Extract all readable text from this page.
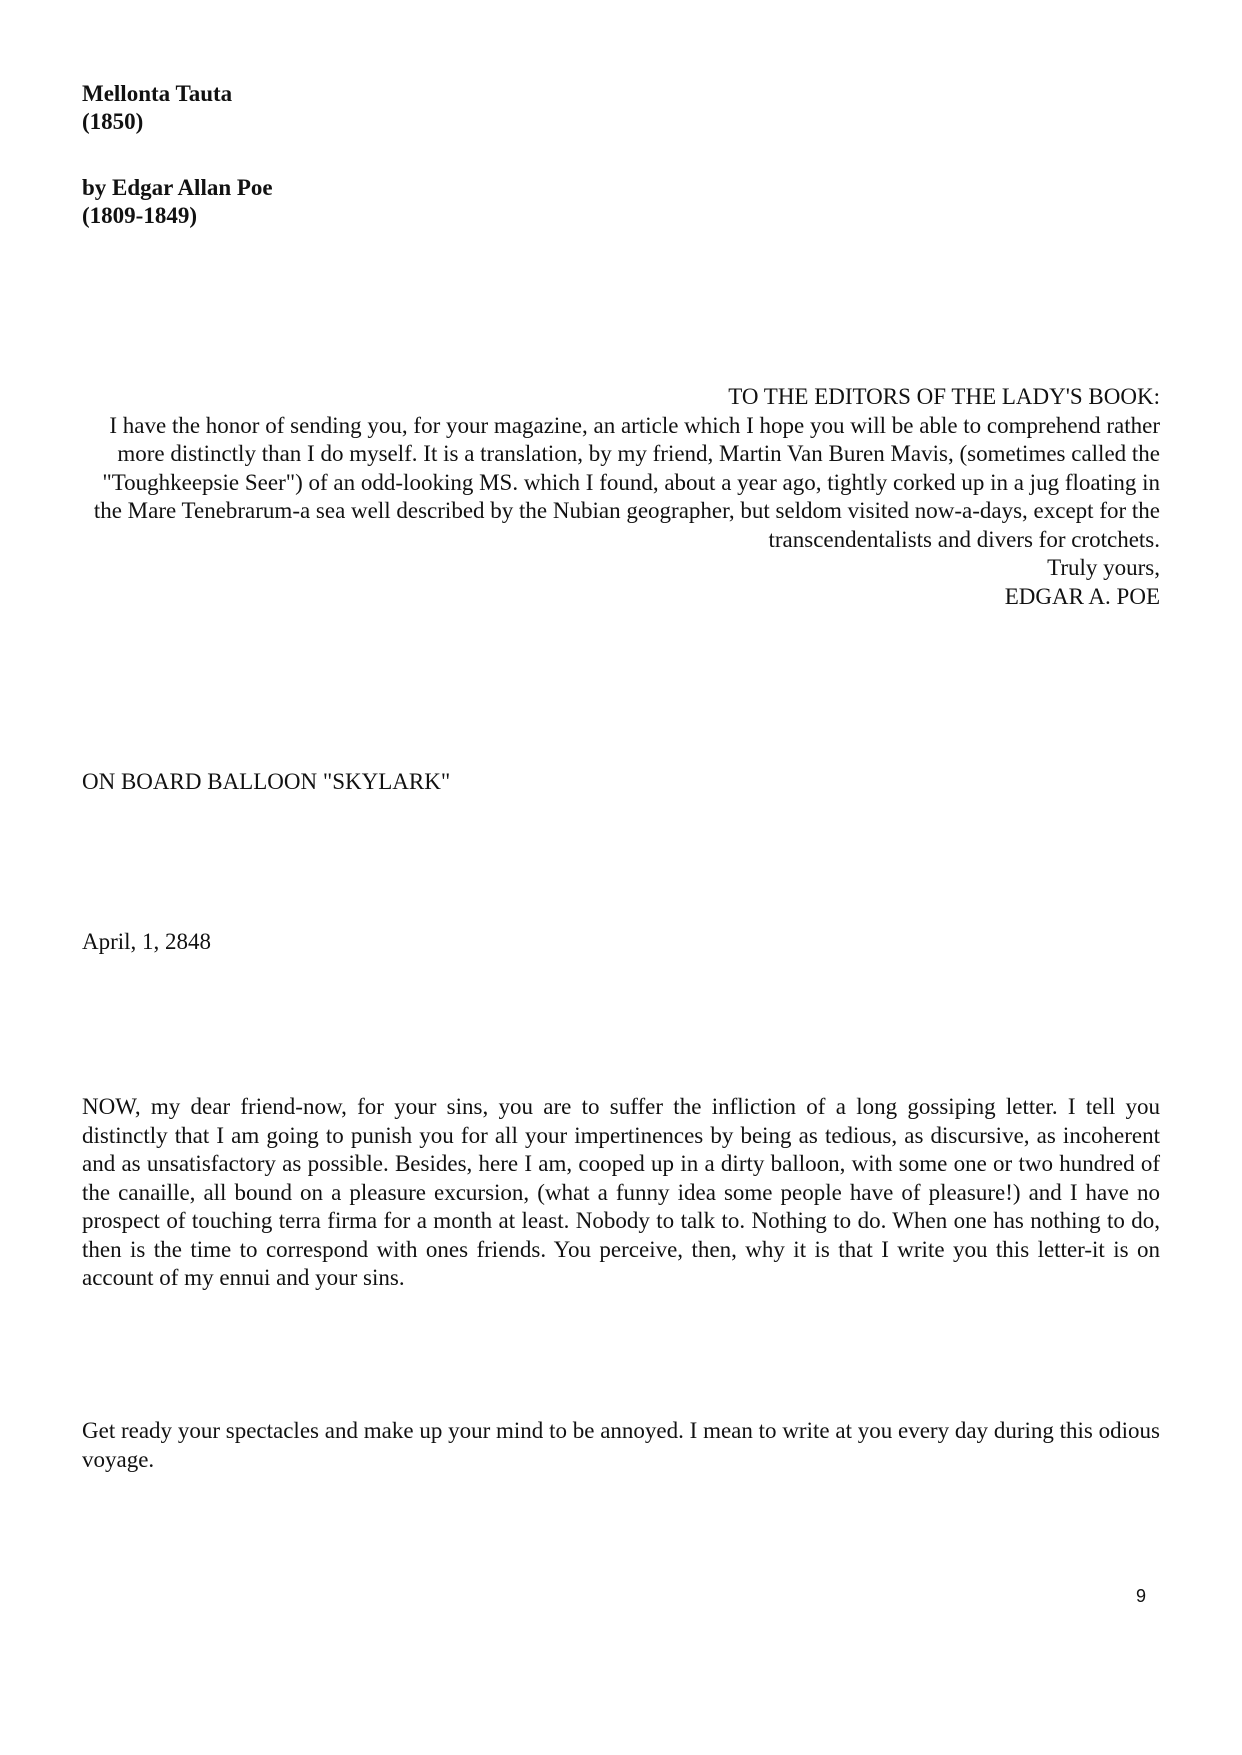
Mellonta Tauta
(1850)
by Edgar Allan Poe
(1809-1849)

TO THE EDITORS OF THE LADY'S BOOK:

I have the honor of sending you, for your magazine, an article which I hope you will be able to comprehend rather more distinctly than I do myself. It is a translation, by my friend, Martin Van Buren Mavis, (sometimes called the "Toughkeepsie Seer") of an odd-looking MS. which I found, about a year ago, tightly corked up in a jug floating in the Mare Tenebrarum-a sea well described by the Nubian geographer, but seldom visited now-a-days, except for the transcendentalists and divers for crotchets.

Truly yours,

EDGAR A. POE

ON BOARD BALLOON "SKYLARK"
April, 1, 2848

NOW, my dear friend-now, for your sins, you are to suffer the infliction of a long gossiping letter. I tell you distinctly that I am going to punish you for all your impertinences by being as tedious, as discursive, as incoherent and as unsatisfactory as possible. Besides, here I am, cooped up in a dirty balloon, with some one or two hundred of the canaille, all bound on a pleasure excursion, (what a funny idea some people have of pleasure!) and I have no prospect of touching terra firma for a month at least. Nobody to talk to. Nothing to do. When one has nothing to do, then is the time to correspond with ones friends. You perceive, then, why it is that I write you this letter-it is on account of my ennui and your sins.

Get ready your spectacles and make up your mind to be annoyed. I mean to write at you every day during this odious voyage.

9
